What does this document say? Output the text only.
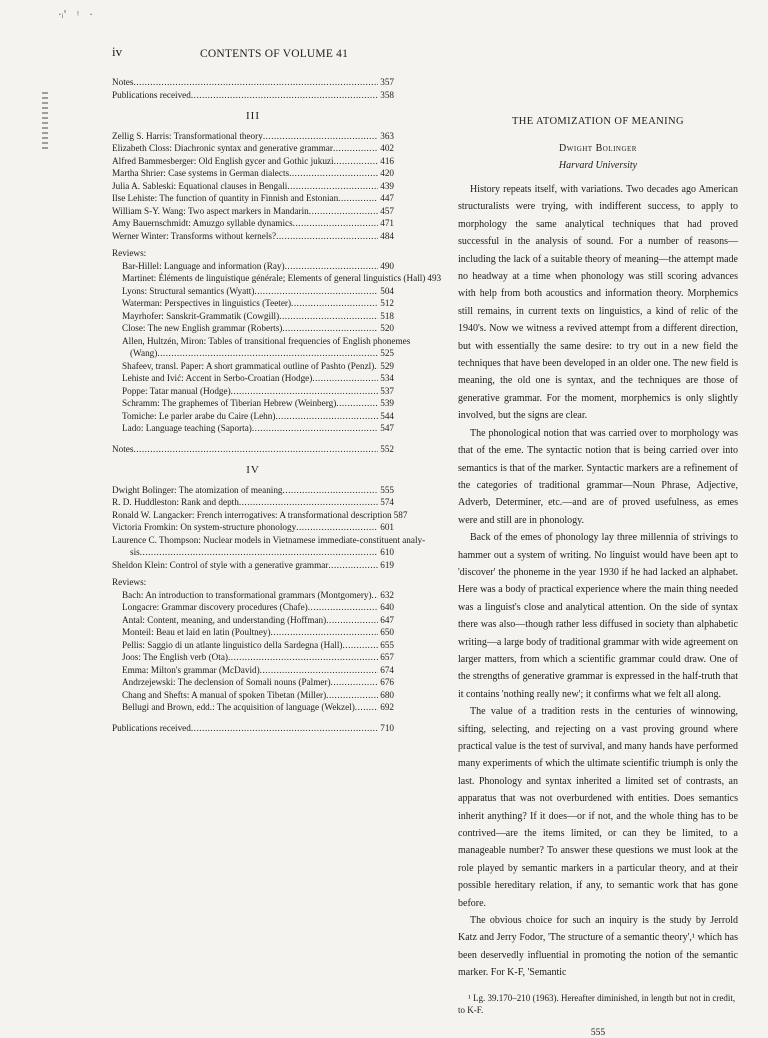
·ᵢ'   ᵎ   ·
iv	CONTENTS OF VOLUME 41
Notes .....	357
Publications received .....	358
III
Zellig S. Harris: Transformational theory .....	363
Elizabeth Closs: Diachronic syntax and generative grammar .....	402
Alfred Bammesberger: Old English gycer and Gothic jukuzi .....	416
Martha Shrier: Case systems in German dialects .....	420
Julia A. Sableski: Equational clauses in Bengali .....	439
Ilse Lehiste: The function of quantity in Finnish and Estonian .....	447
William S-Y. Wang: Two aspect markers in Mandarin .....	457
Amy Bauernschmidt: Amuzgo syllable dynamics .....	471
Werner Winter: Transforms without kernels? .....	484
Reviews:
Bar-Hillel: Language and information (Ray) .....	490
Martinet: Éléments de linguistique générale; Elements of general linguistics (Hall) 493
Lyons: Structural semantics (Wyatt) .....	504
Waterman: Perspectives in linguistics (Teeter) .....	512
Mayrhofer: Sanskrit-Grammatik (Cowgill) .....	518
Close: The new English grammar (Roberts) .....	520
Allen, Hultzén, Miron: Tables of transitional frequencies of English phonemes
(Wang) .....	525
Shafeev, transl. Paper: A short grammatical outline of Pashto (Penzl) ..... 529
Lehiste and Ivić: Accent in Serbo-Croatian (Hodge) .....	534
Poppe: Tatar manual (Hodge) .....	537
Schramm: The graphemes of Tiberian Hebrew (Weinberg) .....	539
Tomiche: Le parler arabe du Caire (Lehn) .....	544
Lado: Language teaching (Saporta) .....	547
Notes .....	552
IV
Dwight Bolinger: The atomization of meaning .....	555
R. D. Huddleston: Rank and depth .....	574
Ronald W. Langacker: French interrogatives: A transformational description 587
Victoria Fromkin: On system-structure phonology .....	601
Laurence C. Thompson: Nuclear models in Vietnamese immediate-constituent analy-
sis .....	610
Sheldon Klein: Control of style with a generative grammar .....	619
Reviews:
Bach: An introduction to transformational grammars (Montgomery) ..... 632
Longacre: Grammar discovery procedures (Chafe) .....	640
Antal: Content, meaning, and understanding (Hoffman) .....	647
Monteil: Beau et laid en latin (Poultney) .....	650
Pellis: Saggio di un atlante linguistico della Sardegna (Hall) .....	655
Joos: The English verb (Ota) .....	657
Emma: Milton's grammar (McDavid) .....	674
Andrzejewski: The declension of Somali nouns (Palmer) .....	676
Chang and Shefts: A manual of spoken Tibetan (Miller) .....	680
Bellugi and Brown, edd.: The acquisition of language (Wekzel) .....	692
Publications received .....	710
THE ATOMIZATION OF MEANING
Dwight Bolinger
Harvard University

History repeats itself, with variations. Two decades ago American structuralists were trying, with indifferent success, to apply to morphology the same analytical techniques that had proved successful in the analysis of sound. For a number of reasons—including the lack of a suitable theory of meaning—the attempt made no headway at a time when phonology was still scoring advances with help from both acoustics and information theory. Morphemics still remains, in current texts on linguistics, a kind of relic of the 1940's. Now we witness a revived attempt from a different direction, but with essentially the same desire: to try out in a new field the techniques that have been developed in an older one. The new field is meaning, the old one is syntax, and the techniques are those of generative grammar. For the moment, morphemics is only slightly involved, but the signs are clear.

The phonological notion that was carried over to morphology was that of the eme. The syntactic notion that is being carried over into semantics is that of the marker. Syntactic markers are a refinement of the categories of traditional grammar—Noun Phrase, Adjective, Adverb, Determiner, etc.—and are of proved usefulness, as emes were and still are in phonology.

Back of the emes of phonology lay three millennia of strivings to hammer out a system of writing. No linguist would have been apt to 'discover' the phoneme in the year 1930 if he had lacked an alphabet. Here was a body of practical experience where the main thing needed was a linguist's close and analytical attention. On the side of syntax there was also—though rather less diffused in society than alphabetic writing—a large body of traditional grammar with wide agreement on larger matters, from which a scientific grammar could draw. One of the strengths of generative grammar is expressed in the half-truth that it contains 'nothing really new'; it confirms what we felt all along.

The value of a tradition rests in the centuries of winnowing, sifting, selecting, and rejecting on a vast proving ground where practical value is the test of survival, and many hands have performed many experiments of which the ultimate scientific triumph is only the last. Phonology and syntax inherited a limited set of contrasts, an apparatus that was not overburdened with entities. Does semantics inherit anything? If it does—or if not, and the whole thing has to be contrived—are the items limited, or can they be limited, to a manageable number? To answer these questions we must look at the role played by semantic markers in a particular theory, and at their possible hereditary relation, if any, to semantic work that has gone before.

The obvious choice for such an inquiry is the study by Jerrold Katz and Jerry Fodor, 'The structure of a semantic theory',¹ which has been deservedly influential in promoting the notion of the semantic marker. For K-F, 'Semantic

¹ Lg. 39.170–210 (1963). Hereafter diminished, in length but not in credit, to K-F.
555
